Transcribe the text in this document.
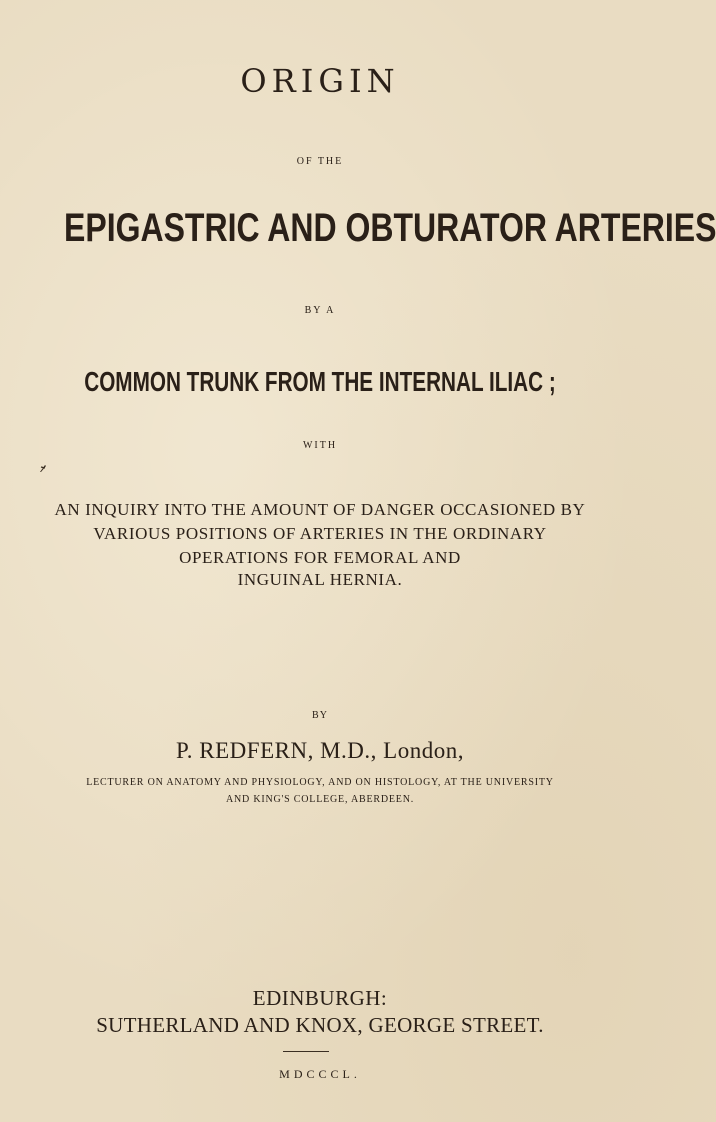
ORIGIN
OF THE
EPIGASTRIC AND OBTURATOR ARTERIES
BY A
COMMON TRUNK FROM THE INTERNAL ILIAC ;
WITH
AN INQUIRY INTO THE AMOUNT OF DANGER OCCASIONED BY
VARIOUS POSITIONS OF ARTERIES IN THE ORDINARY
OPERATIONS FOR FEMORAL AND
INGUINAL HERNIA.
BY
P. REDFERN, M.D., London,
LECTURER ON ANATOMY AND PHYSIOLOGY, AND ON HISTOLOGY, AT THE UNIVERSITY
AND KING'S COLLEGE, ABERDEEN.
EDINBURGH:
SUTHERLAND AND KNOX, GEORGE STREET.
MDCCCL.
